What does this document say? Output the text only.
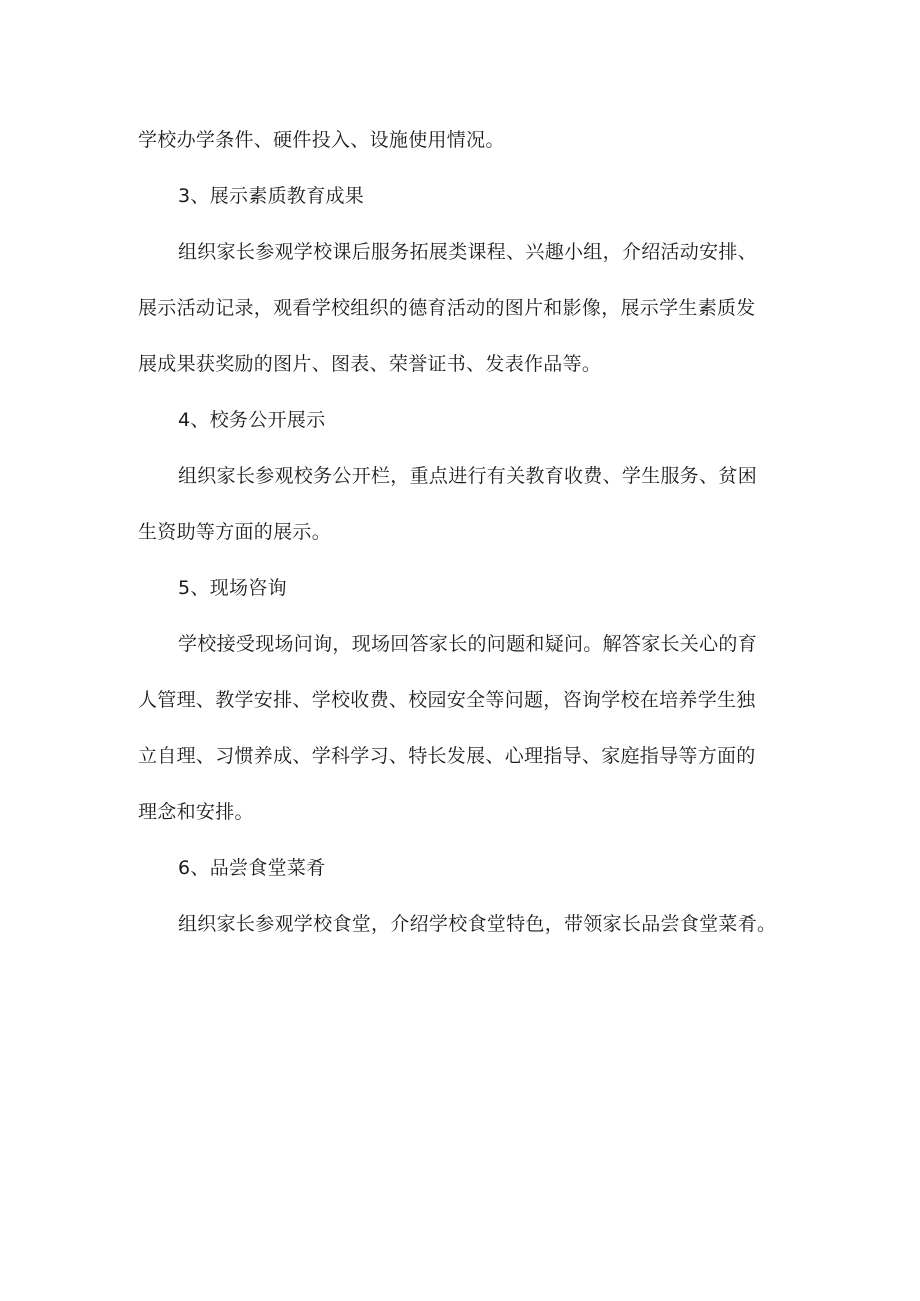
学校办学条件、硬件投入、设施使用情况。
3、展示素质教育成果
组织家长参观学校课后服务拓展类课程、兴趣小组，介绍活动安排、
展示活动记录，观看学校组织的德育活动的图片和影像，展示学生素质发
展成果获奖励的图片、图表、荣誉证书、发表作品等。
4、校务公开展示
组织家长参观校务公开栏，重点进行有关教育收费、学生服务、贫困
生资助等方面的展示。
5、现场咨询
学校接受现场问询，现场回答家长的问题和疑问。解答家长关心的育
人管理、教学安排、学校收费、校园安全等问题，咨询学校在培养学生独
立自理、习惯养成、学科学习、特长发展、心理指导、家庭指导等方面的
理念和安排。
6、品尝食堂菜肴
组织家长参观学校食堂，介绍学校食堂特色，带领家长品尝食堂菜肴。
